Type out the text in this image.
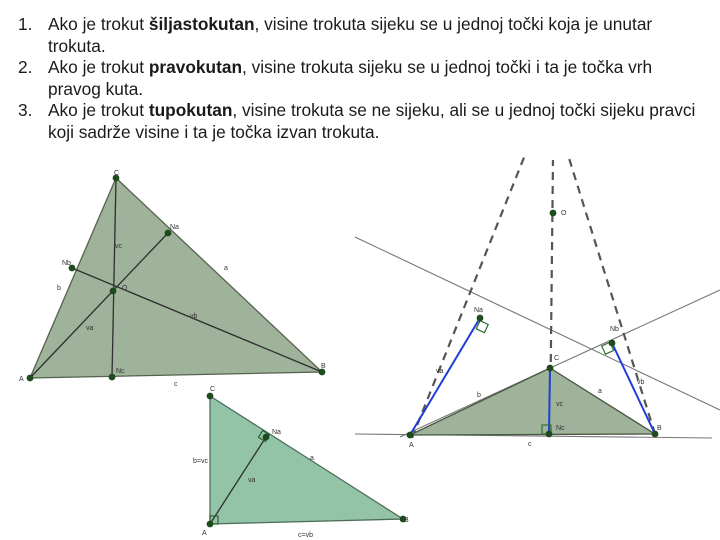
1. Ako je trokut šiljastokutan, visine trokuta sijeku se u jednoj točki koja je unutar trokuta.
2. Ako je trokut pravokutan, visine trokuta sijeku se u jednoj točki i ta je točka vrh pravog kuta.
3. Ako je trokut tupokutan, visine trokuta se ne sijeku, ali se u jednoj točki sijeku pravci koji sadrže visine i ta je točka izvan trokuta.
A
B
C
Na
Nb
Nc
O
va
vb
vc
a
b
c
A
B
C
Na
va
b=vc
c=vb
a
A
B
C
Na
Nb
Nc
O
va
vb
vc
a
b
c
